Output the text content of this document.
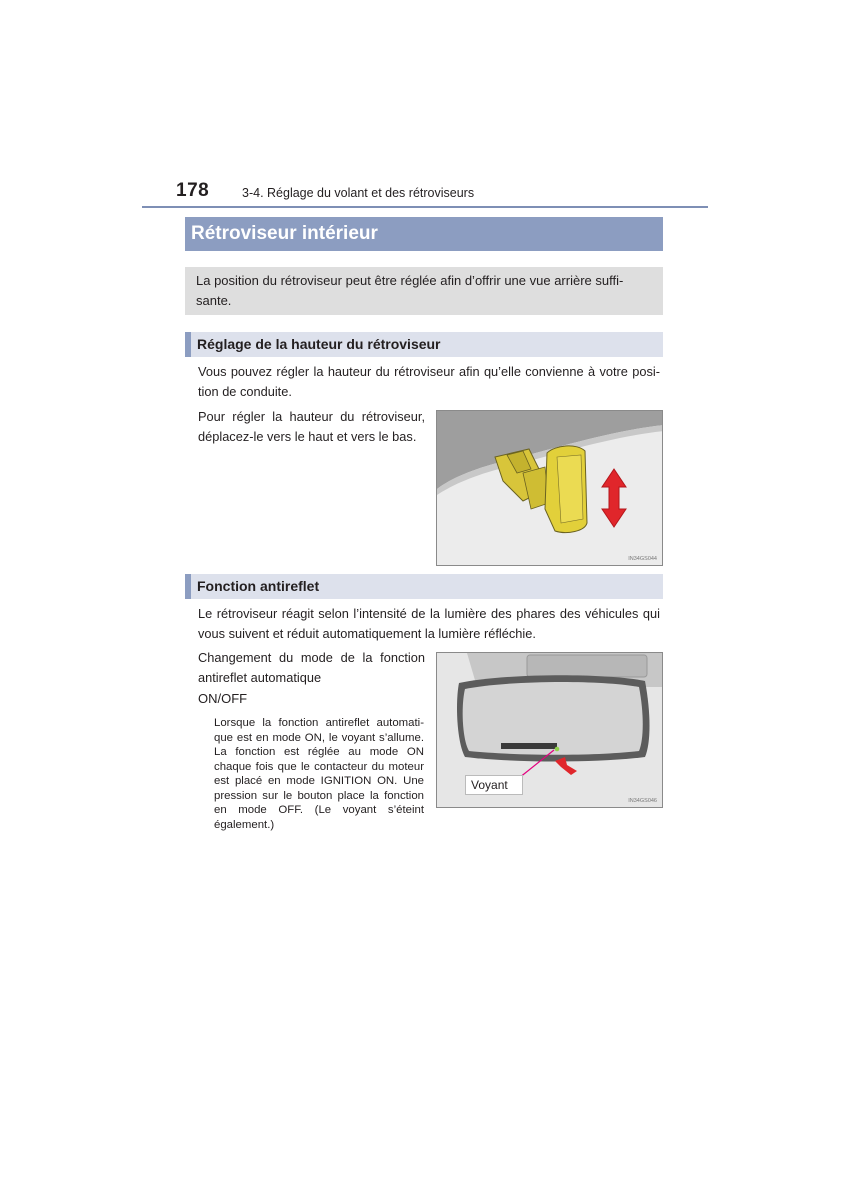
178	3-4. Réglage du volant et des rétroviseurs
Rétroviseur intérieur
La position du rétroviseur peut être réglée afin d’offrir une vue arrière suffi-sante.
Réglage de la hauteur du rétroviseur
Vous pouvez régler la hauteur du rétroviseur afin qu’elle convienne à votre posi-tion de conduite.
Pour régler la hauteur du rétroviseur, déplacez-le vers le haut et vers le bas.
IN34GS044
Fonction antireflet
Le rétroviseur réagit selon l’intensité de la lumière des phares des véhicules qui vous suivent et réduit automatiquement la lumière réfléchie.
Changement du mode de la fonction antireflet automatique
ON/OFF
Lorsque la fonction antireflet automati-que est en mode ON, le voyant s’allume. La fonction est réglée au mode ON chaque fois que le contacteur du moteur est placé en mode IGNITION ON. Une pression sur le bouton place la fonction en mode OFF. (Le voyant s’éteint également.)
IN34GS046
Voyant
